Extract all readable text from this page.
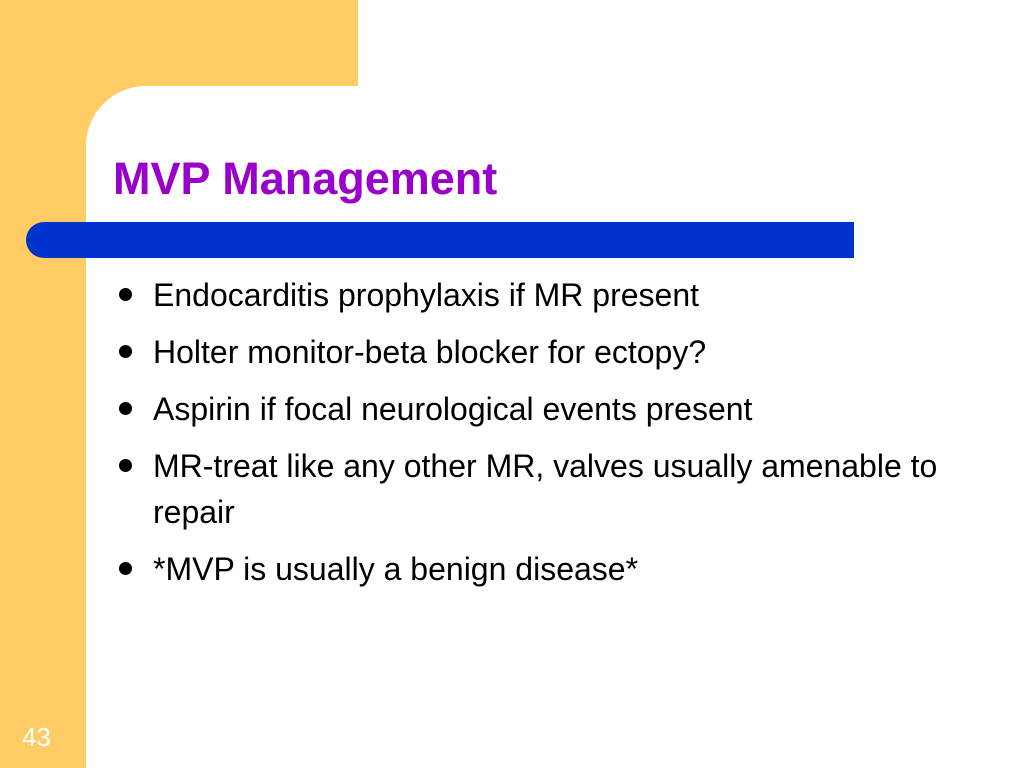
MVP Management
Endocarditis prophylaxis if MR present
Holter monitor-beta blocker for ectopy?
Aspirin if focal neurological events present
MR-treat like any other MR, valves usually amenable to repair
*MVP is usually a benign disease*
43
